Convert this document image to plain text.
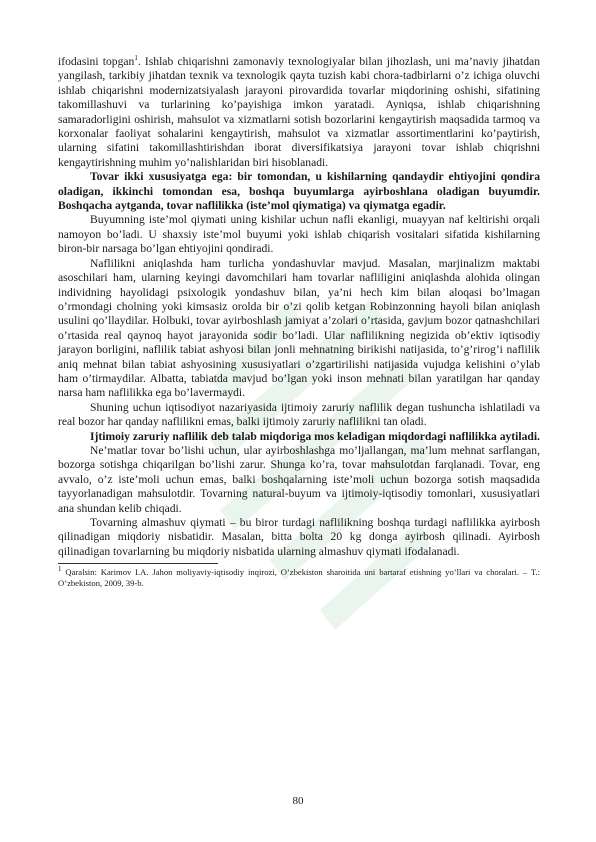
ifodasini topgan$^1$. Ishlab chiqarishni zamonaviy texnologiyalar bilan jihozlash, uni ma’naviy jihatdan yangilash, tarkibiy jihatdan texnik va texnologik qayta tuzish kabi chora-tadbirlarni o’z ichiga oluvchi ishlab chiqarishni modernizatsiyalash jarayoni pirovardida tovarlar miqdorining oshishi, sifatining takomillashuvi va turlarining ko’payishiga imkon yaratadi. Ayniqsa, ishlab chiqarishning samaradorligini oshirish, mahsulot va xizmatlarni sotish bozorlarini kengaytirish maqsadida tarmoq va korxonalar faoliyat sohalarini kengaytirish, mahsulot va xizmatlar assortimentlarini ko’paytirish, ularning sifatini takomillashtirishdan iborat diversifikatsiya jarayoni tovar ishlab chiqrishni kengaytirishning muhim yo’nalishlaridan biri hisoblanadi.

Tovar ikki xususiyatga ega: bir tomondan, u kishilarning qandaydir ehtiyojini qondira oladigan, ikkinchi tomondan esa, boshqa buyumlarga ayirboshlana oladigan buyumdir. Boshqacha aytganda, tovar naflilikka (iste’mol qiymatiga) va qiymatga egadir.

Buyumning iste’mol qiymati uning kishilar uchun nafli ekanligi, muayyan naf keltirishi orqali namoyon bo’ladi. U shaxsiy iste’mol buyumi yoki ishlab chiqarish vositalari sifatida kishilarning biron-bir narsaga bo’lgan ehtiyojini qondiradi.

Naflilikni aniqlashda ham turlicha yondashuvlar mavjud. Masalan, marjinalizm maktabi asoschilari ham, ularning keyingi davomchilari ham tovarlar nafliligini aniqlashda alohida olingan individning hayolidagi psixologik yondashuv bilan, ya’ni hech kim bilan aloqasi bo’lmagan o’rmondagi cholning yoki kimsasiz orolda bir o’zi qolib ketgan Robinzonning hayoli bilan aniqlash usulini qo’llaydilar. Holbuki, tovar ayirboshlash jamiyat a’zolari o’rtasida, gavjum bozor qatnashchilari o’rtasida real qaynoq hayot jarayonida sodir bo’ladi. Ular naflilikning negizida ob’ektiv iqtisodiy jarayon borligini, naflilik tabiat ashyosi bilan jonli mehnatning birikishi natijasida, to’g’rirog’i naflilik aniq mehnat bilan tabiat ashyosining xususiyatlari o’zgartirilishi natijasida vujudga kelishini o’ylab ham o’tirmaydilar. Albatta, tabiatda mavjud bo’lgan yoki inson mehnati bilan yaratilgan har qanday narsa ham naflilikka ega bo’lavermaydi.

Shuning uchun iqtisodiyot nazariyasida ijtimoiy zaruriy naflilik degan tushuncha ishlatiladi va real bozor har qanday naflilikni emas, balki ijtimoiy zaruriy naflilikni tan oladi.

Ijtimoiy zaruriy naflilik deb talab miqdoriga mos keladigan miqdordagi naflilikka aytiladi.

Ne’matlar tovar bo’lishi uchun, ular ayirboshlashga mo’ljallangan, ma’lum mehnat sarflangan, bozorga sotishga chiqarilgan bo’lishi zarur. Shunga ko’ra, tovar mahsulotdan farqlanadi. Tovar, eng avvalo, o’z iste’moli uchun emas, balki boshqalarning iste’moli uchun bozorga sotish maqsadida tayyorlanadigan mahsulotdir. Tovarning natural-buyum va ijtimoiy-iqtisodiy tomonlari, xususiyatlari ana shundan kelib chiqadi.

Tovarning almashuv qiymati – bu biror turdagi naflilikning boshqa turdagi naflilikka ayirbosh qilinadigan miqdoriy nisbatidir. Masalan, bitta bolta 20 kg donga ayirbosh qilinadi. Ayirbosh qilinadigan tovarlarning bu miqdoriy nisbatida ularning almashuv qiymati ifodalanadi.

$^1$ Qaralsin: Karimov I.A. Jahon moliyaviy-iqtisodiy inqirozi, O’zbekiston sharoitida uni bartaraf etishning yo’llari va choralari. – T.: O’zbekiston, 2009, 39-b.

80
